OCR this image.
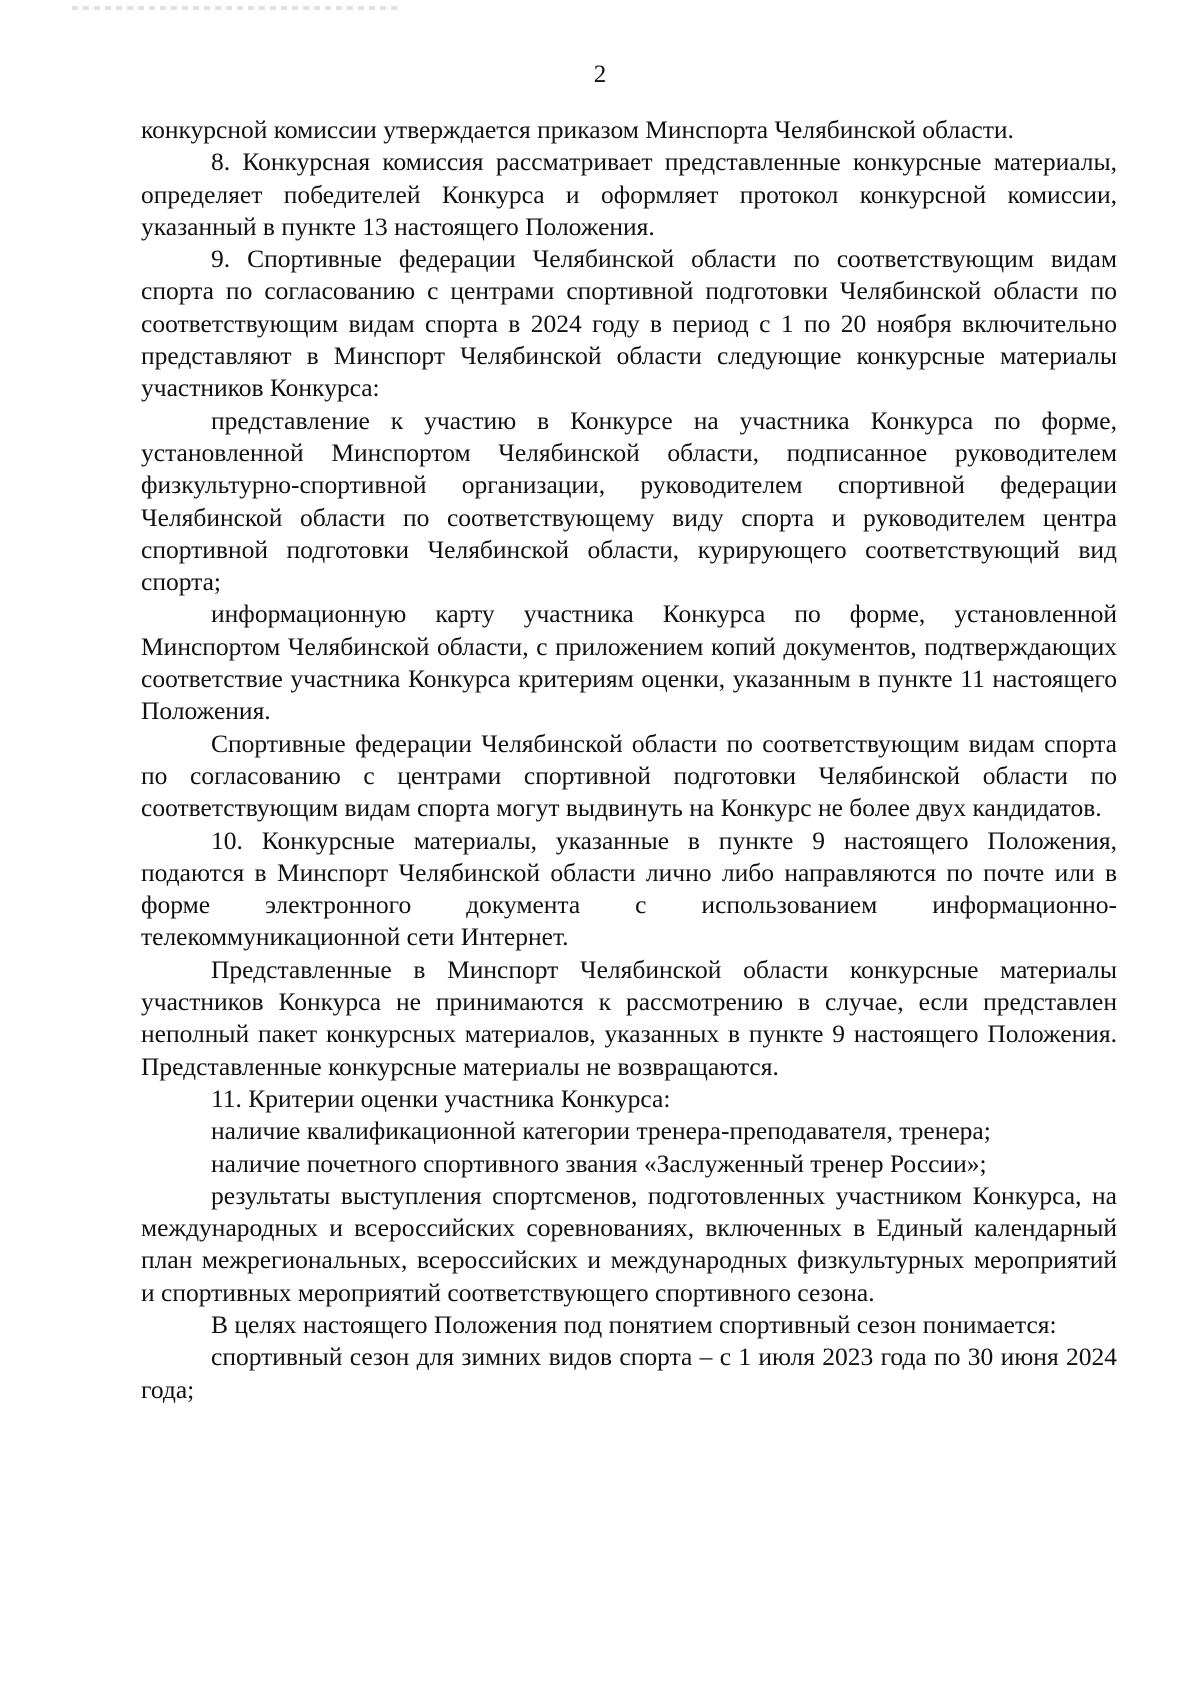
2

конкурсной комиссии утверждается приказом Минспорта Челябинской области.

8. Конкурсная комиссия рассматривает представленные конкурсные материалы, определяет победителей Конкурса и оформляет протокол конкурсной комиссии, указанный в пункте 13 настоящего Положения.

9. Спортивные федерации Челябинской области по соответствующим видам спорта по согласованию с центрами спортивной подготовки Челябинской области по соответствующим видам спорта в 2024 году в период с 1 по 20 ноября включительно представляют в Минспорт Челябинской области следующие конкурсные материалы участников Конкурса:

представление к участию в Конкурсе на участника Конкурса по форме, установленной Минспортом Челябинской области, подписанное руководителем физкультурно-спортивной организации, руководителем спортивной федерации Челябинской области по соответствующему виду спорта и руководителем центра спортивной подготовки Челябинской области, курирующего соответствующий вид спорта;

информационную карту участника Конкурса по форме, установленной Минспортом Челябинской области, с приложением копий документов, подтверждающих соответствие участника Конкурса критериям оценки, указанным в пункте 11 настоящего Положения.

Спортивные федерации Челябинской области по соответствующим видам спорта по согласованию с центрами спортивной подготовки Челябинской области по соответствующим видам спорта могут выдвинуть на Конкурс не более двух кандидатов.

10. Конкурсные материалы, указанные в пункте 9 настоящего Положения, подаются в Минспорт Челябинской области лично либо направляются по почте или в форме электронного документа с использованием информационно-телекоммуникационной сети Интернет.

Представленные в Минспорт Челябинской области конкурсные материалы участников Конкурса не принимаются к рассмотрению в случае, если представлен неполный пакет конкурсных материалов, указанных в пункте 9 настоящего Положения. Представленные конкурсные материалы не возвращаются.

11. Критерии оценки участника Конкурса:

наличие квалификационной категории тренера-преподавателя, тренера;

наличие почетного спортивного звания «Заслуженный тренер России»;

результаты выступления спортсменов, подготовленных участником Конкурса, на международных и всероссийских соревнованиях, включенных в Единый календарный план межрегиональных, всероссийских и международных физкультурных мероприятий и спортивных мероприятий соответствующего спортивного сезона.

В целях настоящего Положения под понятием спортивный сезон понимается:

спортивный сезон для зимних видов спорта – с 1 июля 2023 года по 30 июня 2024 года;
